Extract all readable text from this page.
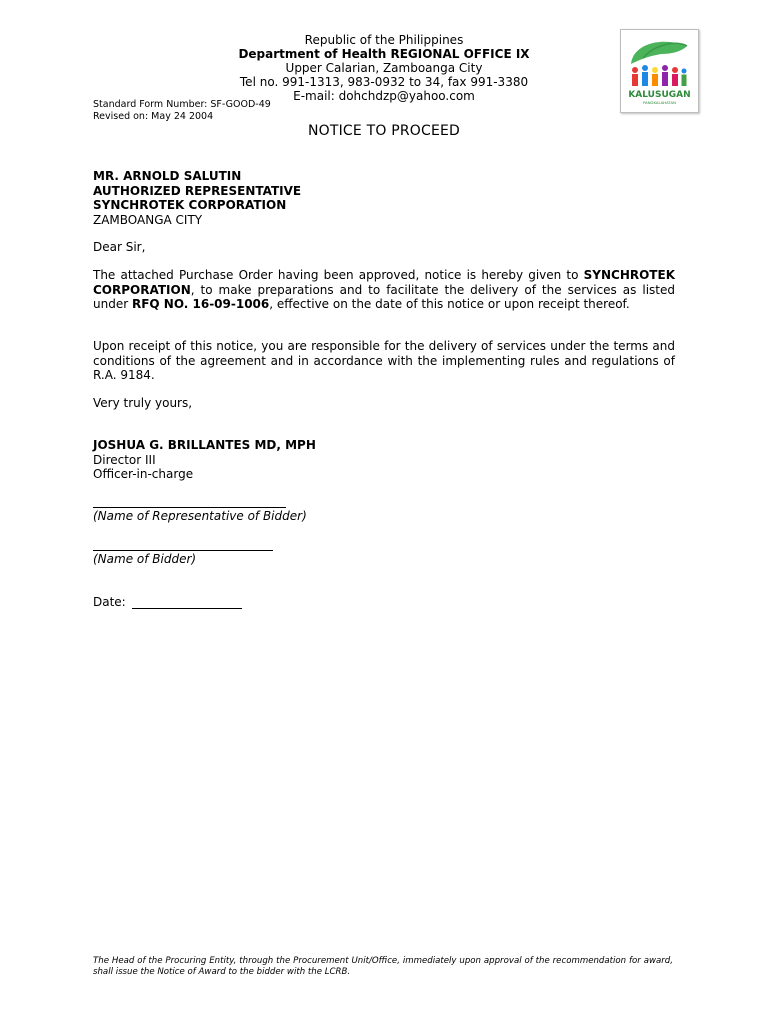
Republic of the Philippines
Department of Health REGIONAL OFFICE IX
Upper Calarian, Zamboanga City
Tel no. 991-1313, 983-0932 to 34, fax 991-3380
E-mail: dohchdzp@yahoo.com	KALUSUGAN
PANGKALAHATAN
Standard Form Number: SF-GOOD-49
Revised on: May 24 2004
NOTICE TO PROCEED
MR. ARNOLD SALUTIN
AUTHORIZED REPRESENTATIVE
SYNCHROTEK CORPORATION
ZAMBOANGA CITY
Dear Sir,
The attached Purchase Order having been approved, notice is hereby given to SYNCHROTEK CORPORATION, to make preparations and to facilitate the delivery of the services as listed under RFQ NO. 16-09-1006, effective on the date of this notice or upon receipt thereof.
Upon receipt of this notice, you are responsible for the delivery of services under the terms and conditions of the agreement and in accordance with the implementing rules and regulations of R.A. 9184.
Very truly yours,
JOSHUA G. BRILLANTES MD, MPH
Director III
Officer-in-charge
(Name of Representative of Bidder)
(Name of Bidder)
Date:
The Head of the Procuring Entity, through the Procurement Unit/Office, immediately upon approval of the recommendation for award, shall issue the Notice of Award to the bidder with the LCRB.
